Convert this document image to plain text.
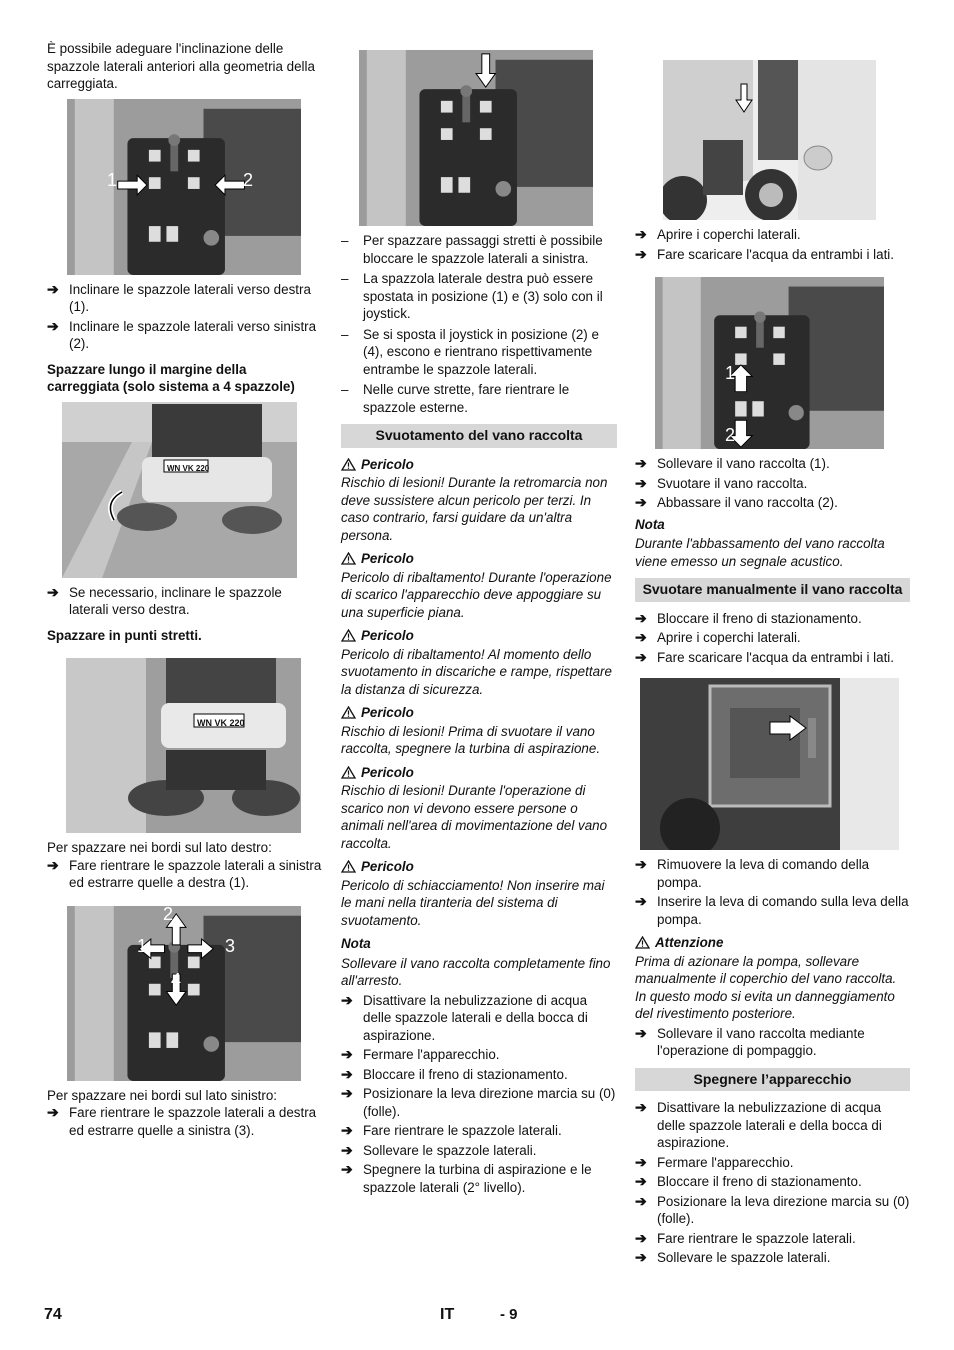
È possibile adeguare l'inclinazione delle spazzole laterali anteriori alla geometria della carreggiata.

1	2
➔ Inclinare le spazzole laterali verso destra (1).
➔ Inclinare le spazzole laterali verso sinistra (2).

Spazzare lungo il margine della carreggiata (solo sistema a 4 spazzole)

WN VK 220
➔ Se necessario, inclinare le spazzole laterali verso destra.

Spazzare in punti stretti.

WN VK 220

Per spazzare nei bordi sul lato destro:

➔ Fare rientrare le spazzole laterali a sinistra ed estrarre quelle a destra (1).
2
1	3
4

Per spazzare nei bordi sul lato sinistro:

➔ Fare rientrare le spazzole laterali a destra ed estrarre quelle a sinistra (3).
– Per spazzare passaggi stretti è possibile bloccare le spazzole laterali a sinistra.
– La spazzola laterale destra può essere spostata in posizione (1) e (3) solo con il joystick.
– Se si sposta il joystick in posizione (2) e (4), escono e rientrano rispettivamente entrambe le spazzole laterali.
– Nelle curve strette, fare rientrare le spazzole esterne.
Svuotamento del vano raccolta
Pericolo

Rischio di lesioni! Durante la retromarcia non deve sussistere alcun pericolo per terzi. In caso contrario, farsi guidare da un'altra persona.

Pericolo

Pericolo di ribaltamento! Durante l'operazione di scarico l'apparecchio deve appoggiare su una superficie piana.

Pericolo

Pericolo di ribaltamento! Al momento dello svuotamento in discariche e rampe, rispettare la distanza di sicurezza.

Pericolo

Rischio di lesioni! Prima di svuotare il vano raccolta, spegnere la turbina di aspirazione.

Pericolo

Rischio di lesioni! Durante l'operazione di scarico non vi devono essere persone o animali nell'area di movimentazione del vano raccolta.

Pericolo

Pericolo di schiacciamento! Non inserire mai le mani nella tiranteria del sistema di svuotamento.

Nota

Sollevare il vano raccolta completamente fino all'arresto.

➔ Disattivare la nebulizzazione di acqua delle spazzole laterali e della bocca di aspirazione.
➔ Fermare l'apparecchio.
➔ Bloccare il freno di stazionamento.
➔ Posizionare la leva direzione marcia su (0) (folle).
➔ Fare rientrare le spazzole laterali.
➔ Sollevare le spazzole laterali.
➔ Spegnere la turbina di aspirazione e le spazzole laterali (2° livello).
➔ Aprire i coperchi laterali.
➔ Fare scaricare l'acqua da entrambi i lati.
1
2
➔ Sollevare il vano raccolta (1).
➔ Svuotare il vano raccolta.
➔ Abbassare il vano raccolta (2).

Nota

Durante l'abbassamento del vano raccolta viene emesso un segnale acustico.

Svuotare manualmente il vano raccolta
➔ Bloccare il freno di stazionamento.
➔ Aprire i coperchi laterali.
➔ Fare scaricare l'acqua da entrambi i lati.
➔ Rimuovere la leva di comando della pompa.
➔ Inserire la leva di comando sulla leva della pompa.
Attenzione

Prima di azionare la pompa, sollevare manualmente il coperchio del vano raccolta. In questo modo si evita un danneggiamento del rivestimento posteriore.

➔ Sollevare il vano raccolta mediante l'operazione di pompaggio.
Spegnere l’apparecchio
➔ Disattivare la nebulizzazione di acqua delle spazzole laterali e della bocca di aspirazione.
➔ Fermare l'apparecchio.
➔ Bloccare il freno di stazionamento.
➔ Posizionare la leva direzione marcia su (0) (folle).
➔ Fare rientrare le spazzole laterali.
➔ Sollevare le spazzole laterali.
74	IT	- 9
